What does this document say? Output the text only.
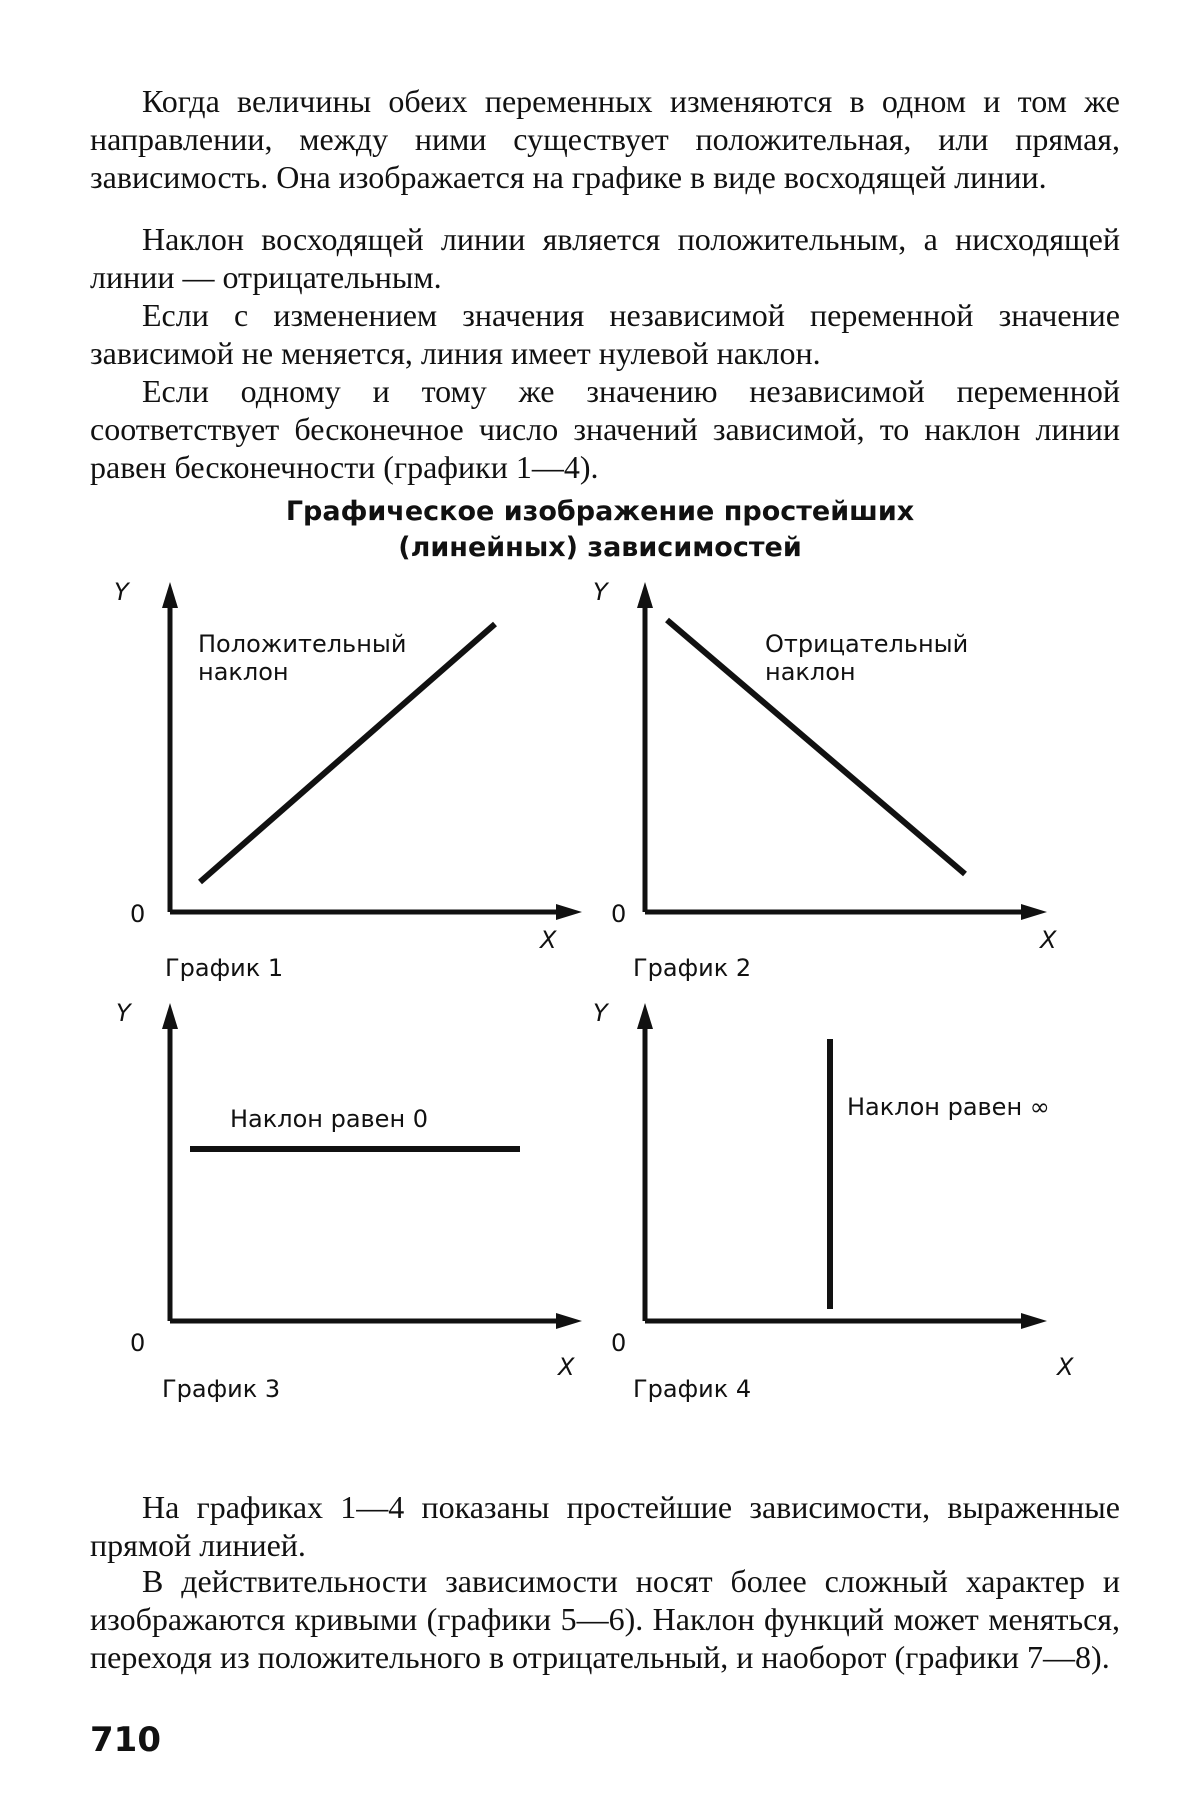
Когда величины обеих переменных изменяются в одном и том же направлении, между ними существует положительная, или прямая, зависимость. Она изображается на графике в виде восходящей линии.

Наклон восходящей линии является положительным, а нисходящей линии — отрицательным.

Если с изменением значения независимой переменной значение зависимой не меняется, линия имеет нулевой наклон.

Если одному и тому же значению независимой переменной соответствует бесконечное число значений зависимой, то наклон линии равен бесконечности (графики 1—4).

Графическое изображение простейших
(линейных) зависимостей
Y
Положительный
наклон
0
X
График 1
Y
Отрицательный
наклон
0
X
График 2
Y
Наклон равен 0
0
X
График 3
Y
Наклон равен ∞
0
X
График 4

На графиках 1—4 показаны простейшие зависимости, выраженные прямой линией.

В действительности зависимости носят более сложный характер и изображаются кривыми (графики 5—6). Наклон функций может меняться, переходя из положительного в отрицательный, и наоборот (графики 7—8).

710
